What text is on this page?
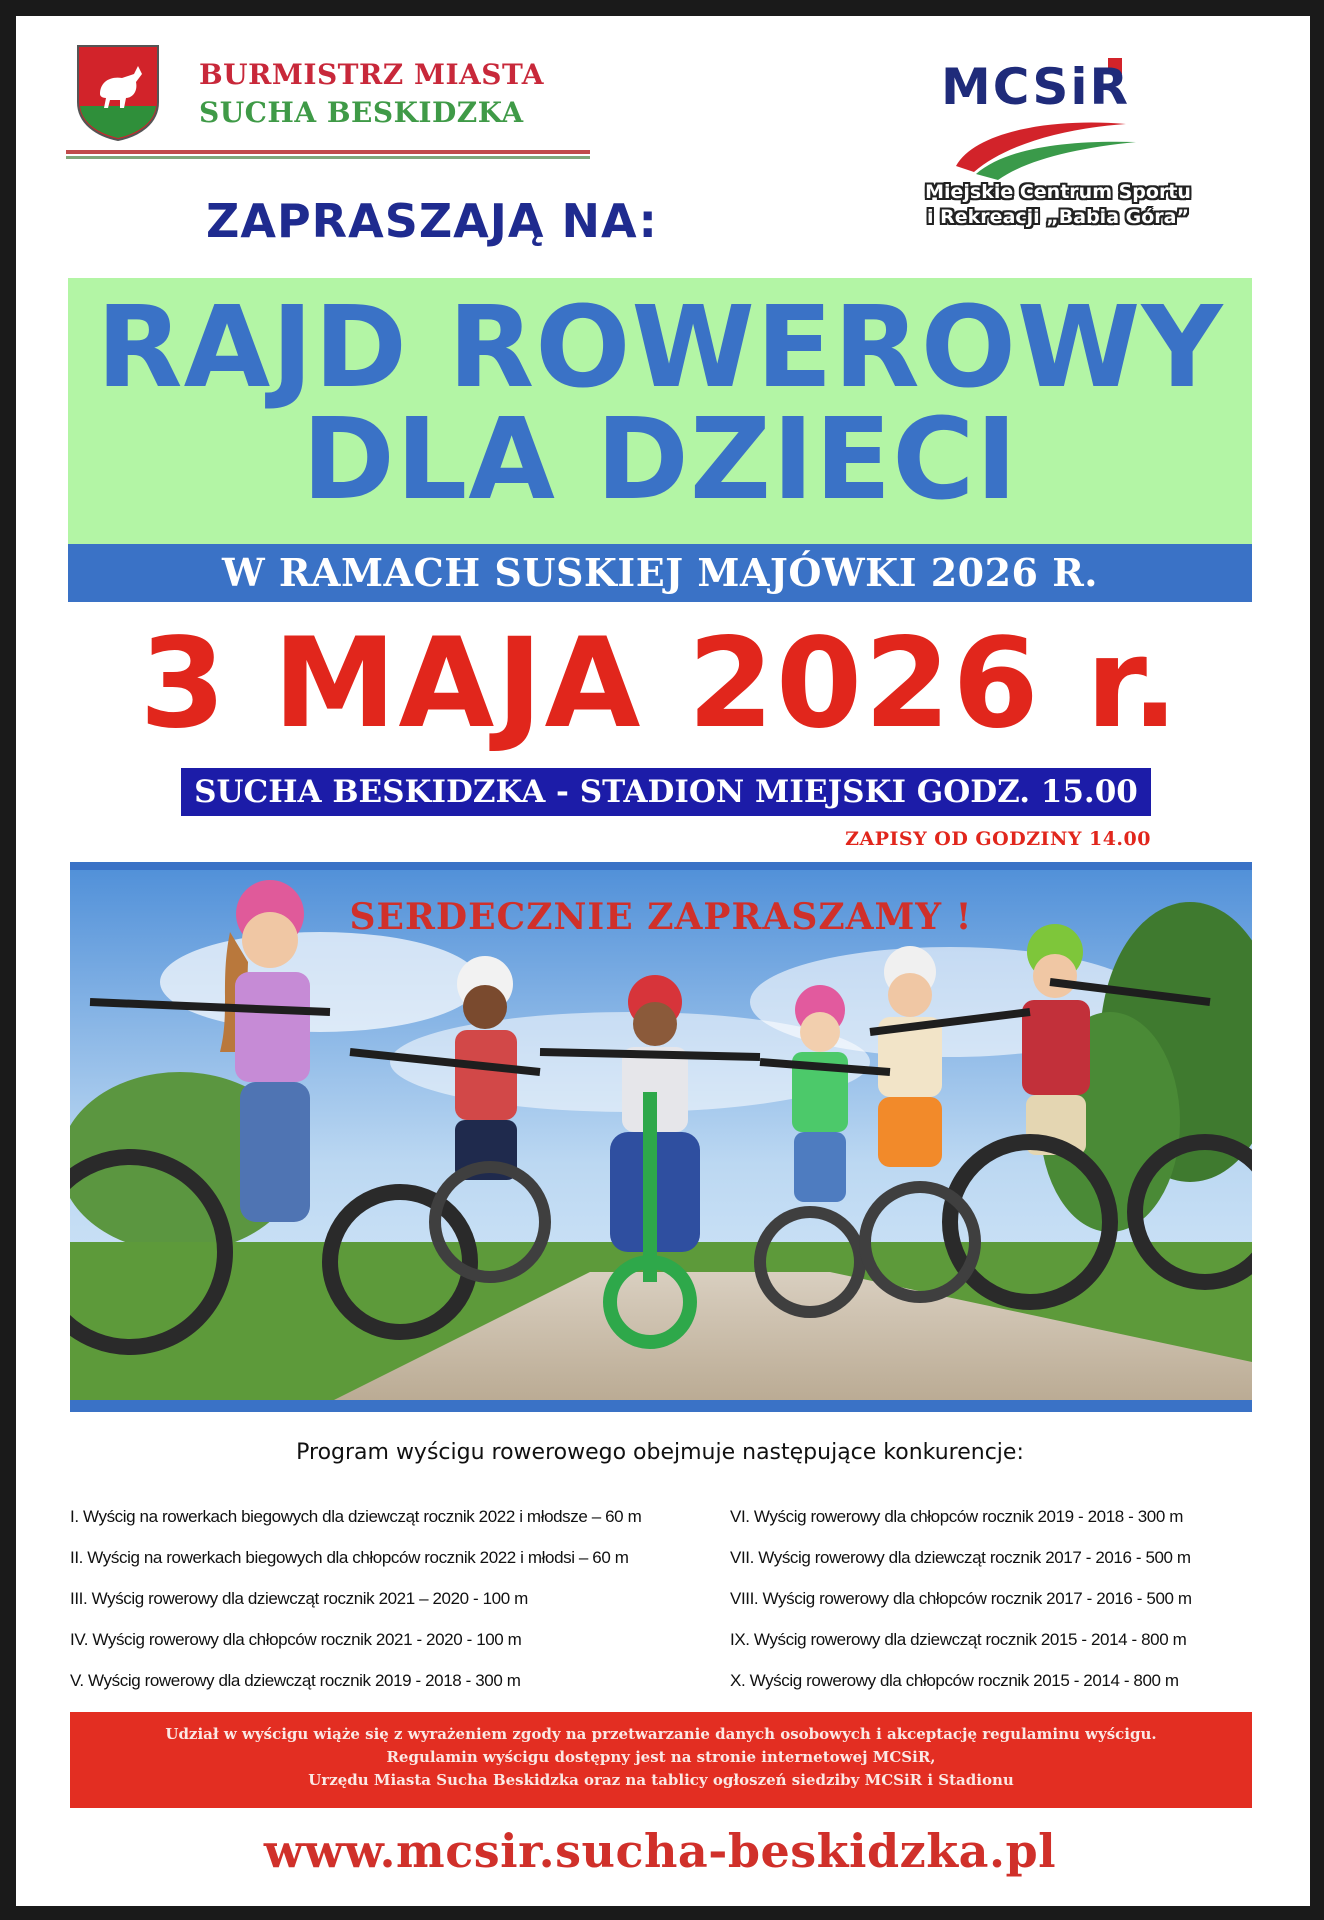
BURMISTRZ MIASTA
SUCHA BESKIDZKA	MCSiR
Miejskie Centrum Sportu
i Rekreacji „Babia Góra”
ZAPRASZAJĄ NA:
RAJD ROWEROWY
DLA DZIECI
W RAMACH SUSKIEJ MAJÓWKI 2026 R.
3 MAJA 2026 r.
SUCHA BESKIDZKA - STADION MIEJSKI GODZ. 15.00
ZAPISY OD GODZINY 14.00
SERDECZNIE ZAPRASZAMY !
Program wyścigu rowerowego obejmuje następujące konkurencje:
I. Wyścig na rowerkach biegowych dla dziewcząt rocznik 2022 i młodsze – 60 m
II. Wyścig na rowerkach biegowych dla chłopców rocznik 2022 i młodsi – 60 m
III. Wyścig rowerowy dla dziewcząt rocznik 2021 – 2020 - 100 m
IV. Wyścig rowerowy dla chłopców rocznik 2021 - 2020 - 100 m
V. Wyścig rowerowy dla dziewcząt rocznik 2019 - 2018 - 300 m
VI. Wyścig rowerowy dla chłopców rocznik 2019 - 2018 - 300 m
VII. Wyścig rowerowy dla dziewcząt rocznik 2017 - 2016 - 500 m
VIII. Wyścig rowerowy dla chłopców rocznik 2017 - 2016 - 500 m
IX. Wyścig rowerowy dla dziewcząt rocznik 2015 - 2014 - 800 m
X. Wyścig rowerowy dla chłopców rocznik 2015 - 2014 - 800 m
Udział w wyścigu wiąże się z wyrażeniem zgody na przetwarzanie danych osobowych i akceptację regulaminu wyścigu.
Regulamin wyścigu dostępny jest na stronie internetowej MCSiR,
Urzędu Miasta Sucha Beskidzka oraz na tablicy ogłoszeń siedziby MCSiR i Stadionu
www.mcsir.sucha-beskidzka.pl
